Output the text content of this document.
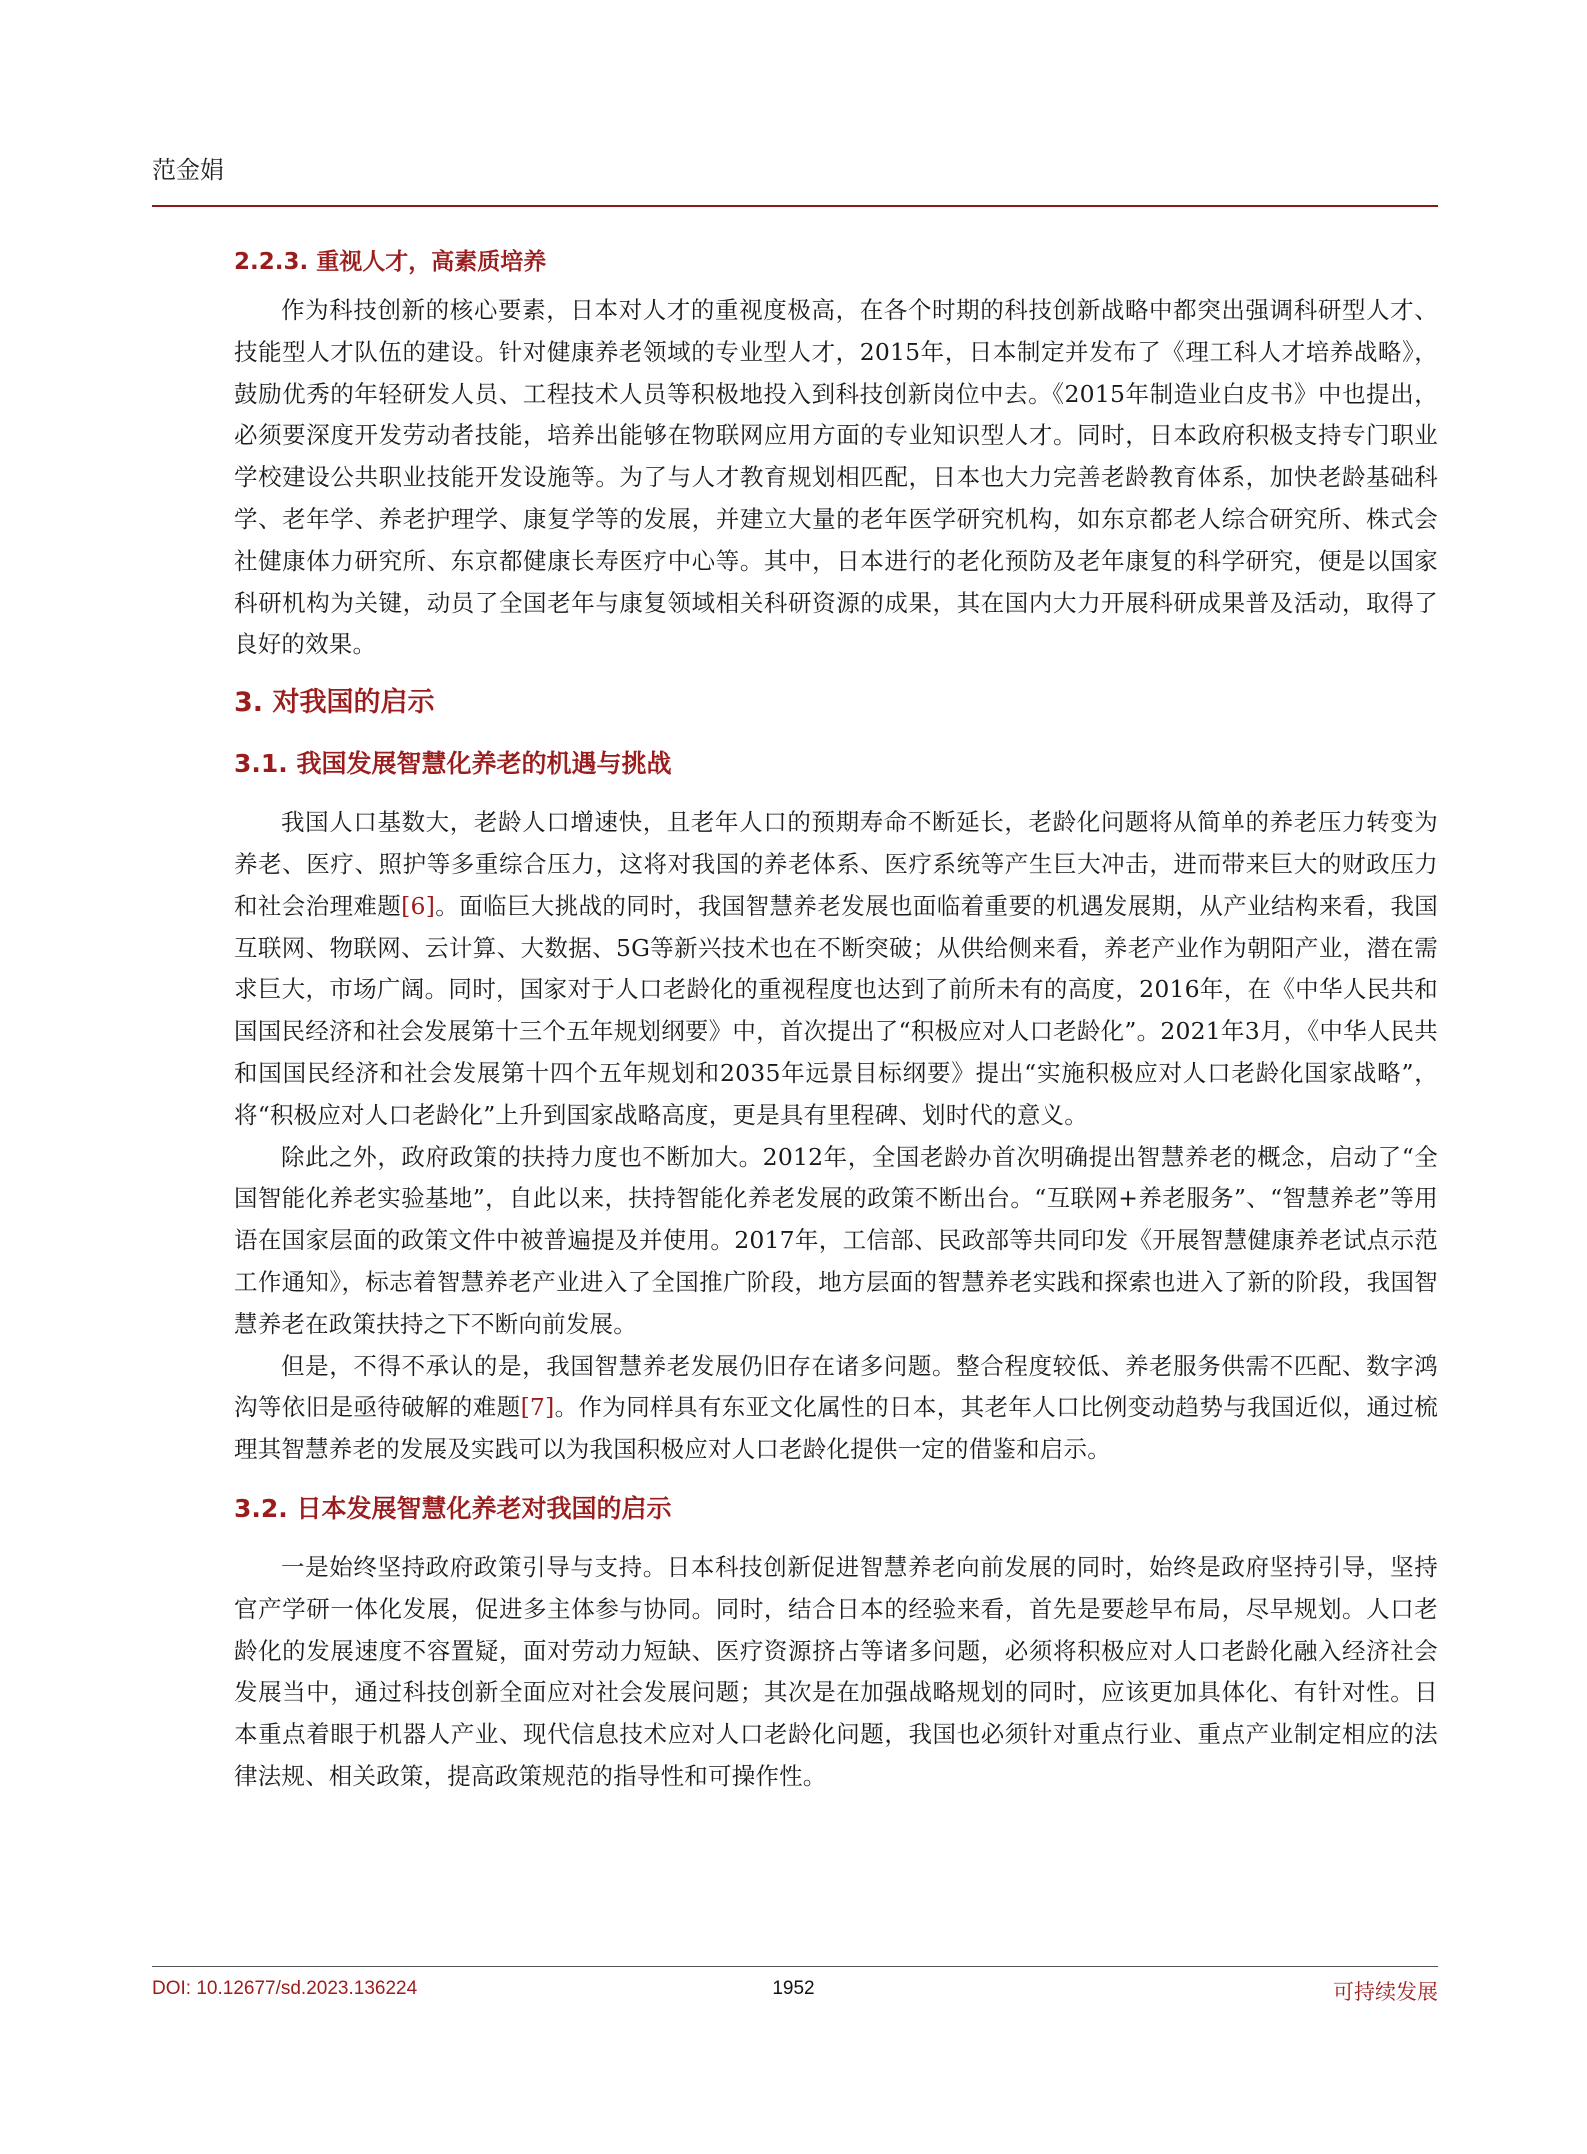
范金娟
2.2.3. 重视人才，高素质培养

作为科技创新的核心要素，日本对人才的重视度极高，在各个时期的科技创新战略中都突出强调科研型人才、技能型人才队伍的建设。针对健康养老领域的专业型人才，2015年，日本制定并发布了《理工科人才培养战略》，鼓励优秀的年轻研发人员、工程技术人员等积极地投入到科技创新岗位中去。《2015年制造业白皮书》中也提出，必须要深度开发劳动者技能，培养出能够在物联网应用方面的专业知识型人才。同时，日本政府积极支持专门职业学校建设公共职业技能开发设施等。为了与人才教育规划相匹配，日本也大力完善老龄教育体系，加快老龄基础科学、老年学、养老护理学、康复学等的发展，并建立大量的老年医学研究机构，如东京都老人综合研究所、株式会社健康体力研究所、东京都健康长寿医疗中心等。其中，日本进行的老化预防及老年康复的科学研究，便是以国家科研机构为关键，动员了全国老年与康复领域相关科研资源的成果，其在国内大力开展科研成果普及活动，取得了良好的效果。

3. 对我国的启示
3.1. 我国发展智慧化养老的机遇与挑战

我国人口基数大，老龄人口增速快，且老年人口的预期寿命不断延长，老龄化问题将从简单的养老压力转变为养老、医疗、照护等多重综合压力，这将对我国的养老体系、医疗系统等产生巨大冲击，进而带来巨大的财政压力和社会治理难题[6]。面临巨大挑战的同时，我国智慧养老发展也面临着重要的机遇发展期，从产业结构来看，我国互联网、物联网、云计算、大数据、5G等新兴技术也在不断突破；从供给侧来看，养老产业作为朝阳产业，潜在需求巨大，市场广阔。同时，国家对于人口老龄化的重视程度也达到了前所未有的高度，2016年，在《中华人民共和国国民经济和社会发展第十三个五年规划纲要》中，首次提出了“积极应对人口老龄化”。2021年3月，《中华人民共和国国民经济和社会发展第十四个五年规划和2035年远景目标纲要》提出“实施积极应对人口老龄化国家战略”，将“积极应对人口老龄化”上升到国家战略高度，更是具有里程碑、划时代的意义。

除此之外，政府政策的扶持力度也不断加大。2012年，全国老龄办首次明确提出智慧养老的概念，启动了“全国智能化养老实验基地”，自此以来，扶持智能化养老发展的政策不断出台。“互联网+养老服务”、“智慧养老”等用语在国家层面的政策文件中被普遍提及并使用。2017年，工信部、民政部等共同印发《开展智慧健康养老试点示范工作通知》，标志着智慧养老产业进入了全国推广阶段，地方层面的智慧养老实践和探索也进入了新的阶段，我国智慧养老在政策扶持之下不断向前发展。

但是，不得不承认的是，我国智慧养老发展仍旧存在诸多问题。整合程度较低、养老服务供需不匹配、数字鸿沟等依旧是亟待破解的难题[7]。作为同样具有东亚文化属性的日本，其老年人口比例变动趋势与我国近似，通过梳理其智慧养老的发展及实践可以为我国积极应对人口老龄化提供一定的借鉴和启示。

3.2. 日本发展智慧化养老对我国的启示

一是始终坚持政府政策引导与支持。日本科技创新促进智慧养老向前发展的同时，始终是政府坚持引导，坚持官产学研一体化发展，促进多主体参与协同。同时，结合日本的经验来看，首先是要趁早布局，尽早规划。人口老龄化的发展速度不容置疑，面对劳动力短缺、医疗资源挤占等诸多问题，必须将积极应对人口老龄化融入经济社会发展当中，通过科技创新全面应对社会发展问题；其次是在加强战略规划的同时，应该更加具体化、有针对性。日本重点着眼于机器人产业、现代信息技术应对人口老龄化问题，我国也必须针对重点行业、重点产业制定相应的法律法规、相关政策，提高政策规范的指导性和可操作性。

DOI: 10.12677/sd.2023.136224	1952	可持续发展
